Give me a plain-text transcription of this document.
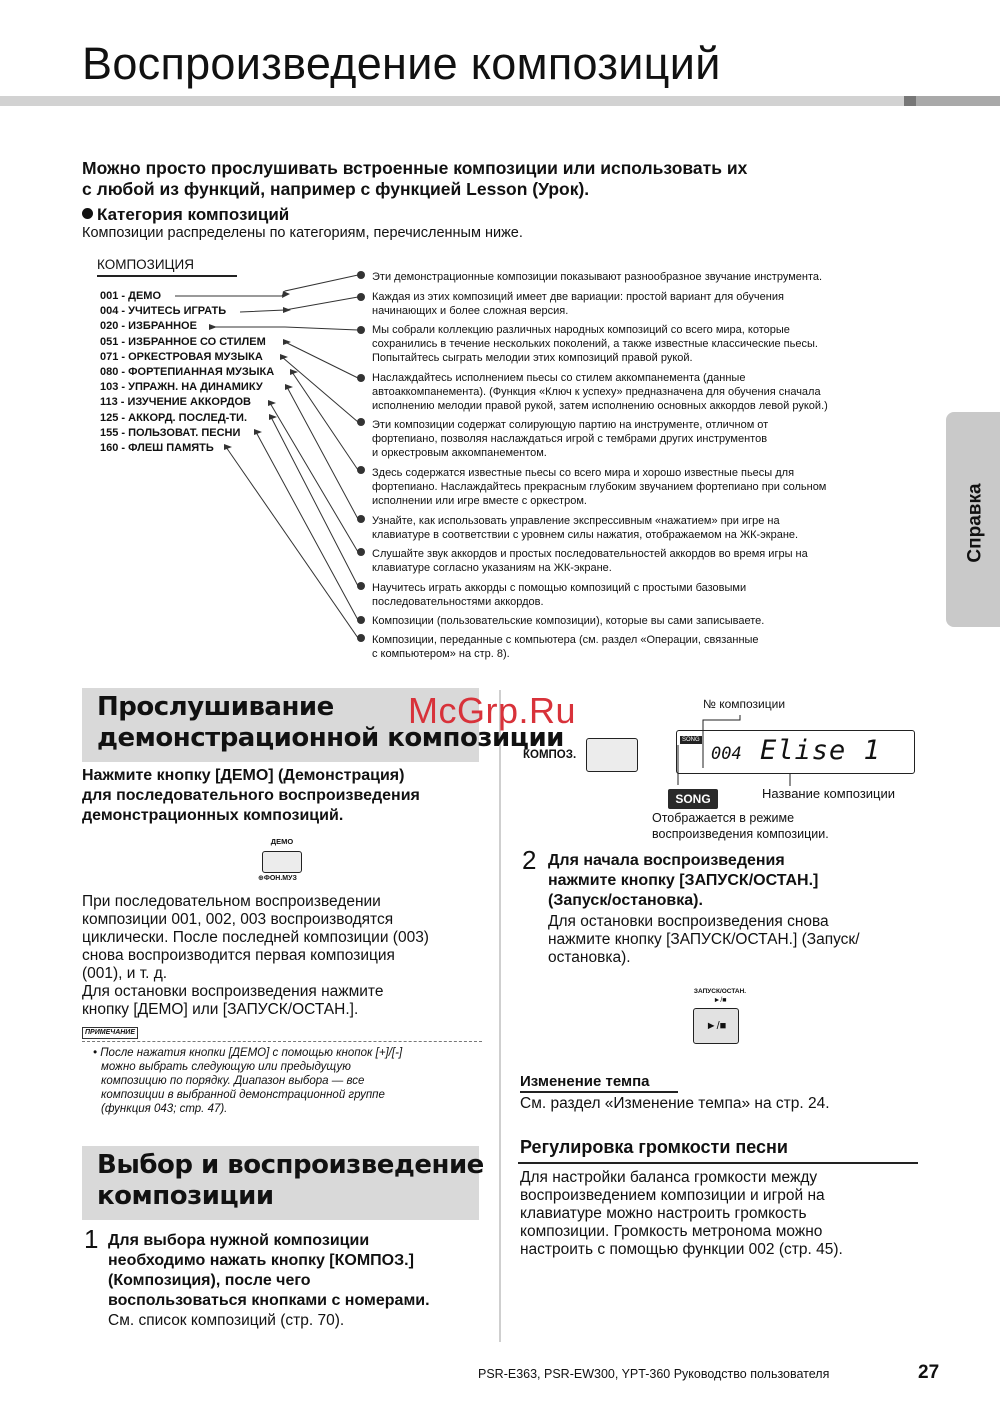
Воспроизведение композиций
Можно просто прослушивать встроенные композиции или использовать их
с любой из функций, например с функцией Lesson (Урок).
Категория композиций
Композиции распределены по категориям, перечисленным ниже.
КОМПОЗИЦИЯ
001 - ДЕМО
004 - УЧИТЕСЬ ИГРАТЬ
020 - ИЗБРАННОЕ
051 - ИЗБРАННОЕ СО СТИЛЕМ
071 - ОРКЕСТРОВАЯ МУЗЫКА
080 - ФОРТЕПИАННАЯ МУЗЫКА
103 - УПРАЖН. НА ДИНАМИКУ
113 - ИЗУЧЕНИЕ АККОРДОВ
125 - АККОРД. ПОСЛЕД-ТИ.
155 - ПОЛЬЗОВАТ. ПЕСНИ
160 - ФЛЕШ ПАМЯТЬ
Эти демонстрационные композиции показывают разнообразное звучание инструмента.
Каждая из этих композиций имеет две вариации: простой вариант для обучения
начинающих и более сложная версия.
Мы собрали коллекцию различных народных композиций со всего мира, которые
сохранились в течение нескольких поколений, а также известные классические пьесы.
Попытайтесь сыграть мелодии этих композиций правой рукой.
Наслаждайтесь исполнением пьесы со стилем аккомпанемента (данные
автоаккомпанемента). (Функция «Ключ к успеху» предназначена для обучения сначала
исполнению мелодии правой рукой, затем исполнению основных аккордов левой рукой.)
Эти композиции содержат солирующую партию на инструменте, отличном от
фортепиано, позволяя наслаждаться игрой с тембрами других инструментов
и оркестровым аккомпанементом.
Здесь содержатся известные пьесы со всего мира и хорошо известные пьесы для
фортепиано. Наслаждайтесь прекрасным глубоким звучанием фортепиано при сольном
исполнении или игре вместе с оркестром.
Узнайте, как использовать управление экспрессивным «нажатием» при игре на
клавиатуре в соответствии с уровнем силы нажатия, отображаемом на ЖК-экране.
Слушайте звук аккордов и простых последовательностей аккордов во время игры на
клавиатуре согласно указаниям на ЖК-экране.
Научитесь играть аккорды с помощью композиций с простыми базовыми
последовательностями аккордов.
Композиции (пользовательские композиции), которые вы сами записываете.
Композиции, переданные с компьютера (см. раздел «Операции, связанные
с компьютером» на стр. 8).
Справка
Прослушивание
демонстрационной композиции
McGrp.Ru
Нажмите кнопку [ДЕМО] (Демонстрация)
для последовательного воспроизведения
демонстрационных композиций.
ДЕМО
⊕ФОН.МУЗ
При последовательном воспроизведении
композиции 001, 002, 003 воспроизводятся
циклически. После последней композиции (003)
снова воспроизводится первая композиция
(001), и т. д.
Для остановки воспроизведения нажмите
кнопку [ДЕМО] или [ЗАПУСК/ОСТАН.].
ПРИМЕЧАНИЕ
• После нажатия кнопки [ДЕМО] с помощью кнопок [+]/[-]
можно выбрать следующую или предыдущую
композицию по порядку. Диапазон выбора — все
композиции в выбранной демонстрационной группе
(функция 043; стр. 47).
Выбор и воспроизведение
композиции
1 Для выбора нужной композиции
необходимо нажать кнопку [КОМПОЗ.]
(Композиция), после чего
воспользоваться кнопками с номерами.
См. список композиций (стр. 70).
№ композиции
КОМПОЗ.
SONG
004 Elise 1
SONG	Название композиции
Отображается в режиме
воспроизведения композиции.
2 Для начала воспроизведения
нажмите кнопку [ЗАПУСК/ОСТАН.]
(Запуск/остановка).
Для остановки воспроизведения снова
нажмите кнопку [ЗАПУСК/ОСТАН.] (Запуск/
остановка).
ЗАПУСК/ОСТАН.
►/■
►/■
Изменение темпа
См. раздел «Изменение темпа» на стр. 24.
Регулировка громкости песни
Для настройки баланса громкости между
воспроизведением композиции и игрой на
клавиатуре можно настроить громкость
композиции. Громкость метронома можно
настроить с помощью функции 002 (стр. 45).
PSR-E363, PSR-EW300, YPT-360 Руководство пользователя	27
